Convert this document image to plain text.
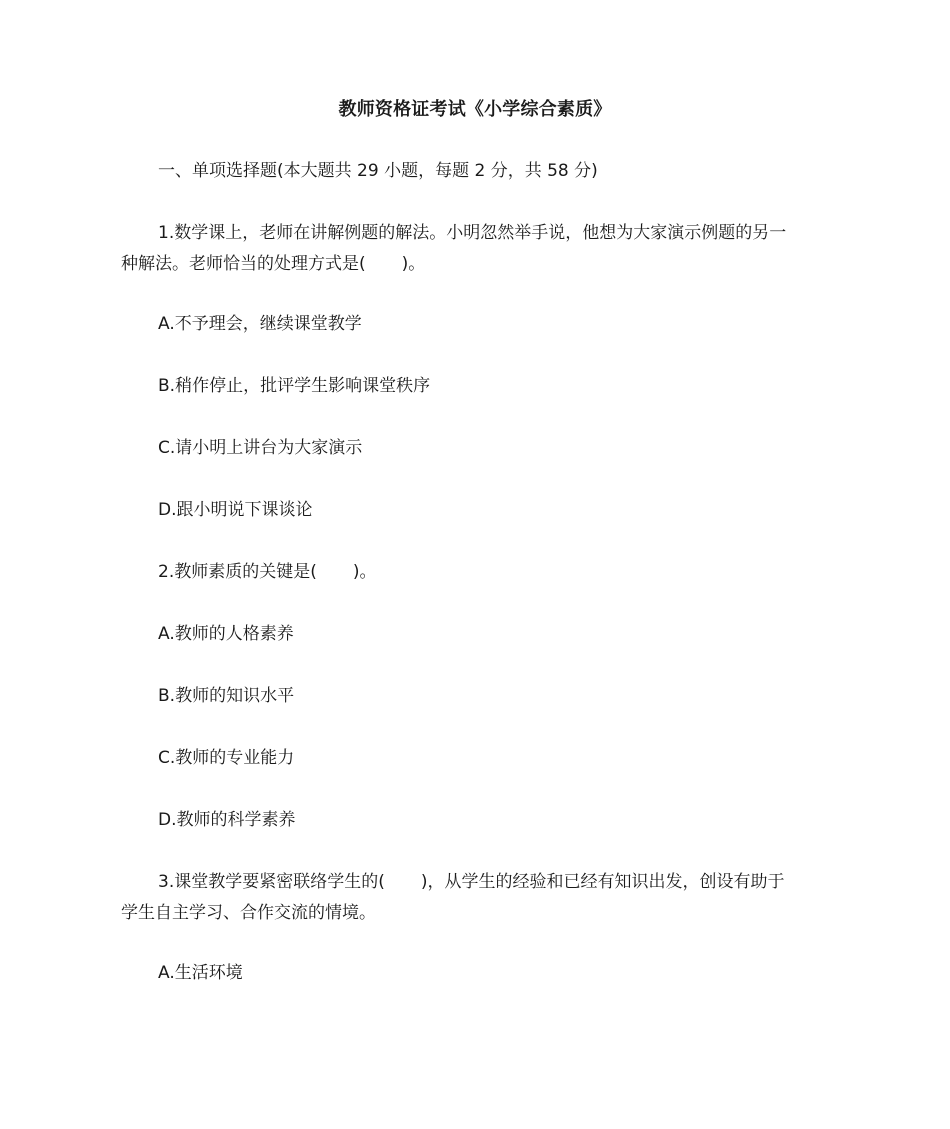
教师资格证考试《小学综合素质》
一、单项选择题(本大题共 29 小题，每题 2 分，共 58 分)
1.数学课上，老师在讲解例题的解法。小明忽然举手说，他想为大家演示例题的另一
种解法。老师恰当的处理方式是( )。
A.不予理会，继续课堂教学
B.稍作停止，批评学生影响课堂秩序
C.请小明上讲台为大家演示
D.跟小明说下课谈论
2.教师素质的关键是( )。
A.教师的人格素养
B.教师的知识水平
C.教师的专业能力
D.教师的科学素养
3.课堂教学要紧密联络学生的( )，从学生的经验和已经有知识出发，创设有助于
学生自主学习、合作交流的情境。
A.生活环境
